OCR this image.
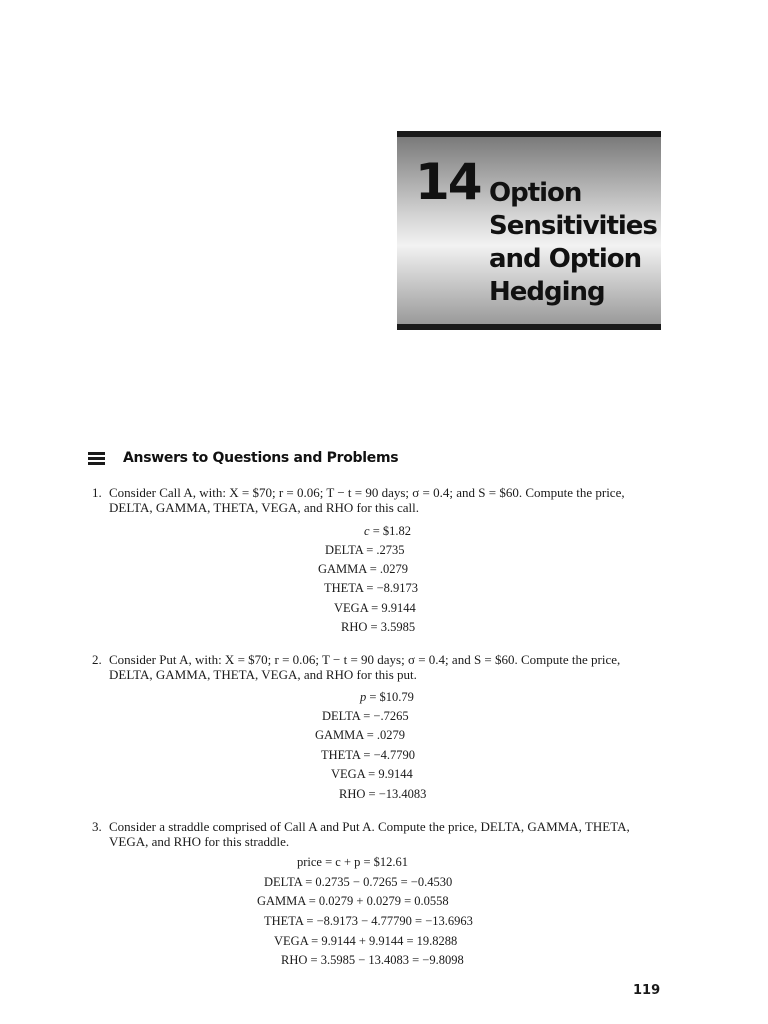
14 Option
Sensitivities
and Option
Hedging
Answers to Questions and Problems
1. Consider Call A, with: X = $70; r = 0.06; T − t = 90 days; σ = 0.4; and S = $60. Compute the price,
DELTA, GAMMA, THETA, VEGA, and RHO for this call.
c = $1.82
DELTA = .2735
GAMMA = .0279
THETA = −8.9173
VEGA = 9.9144
RHO = 3.5985
2. Consider Put A, with: X = $70; r = 0.06; T − t = 90 days; σ = 0.4; and S = $60. Compute the price,
DELTA, GAMMA, THETA, VEGA, and RHO for this put.
p = $10.79
DELTA = −.7265
GAMMA = .0279
THETA = −4.7790
VEGA = 9.9144
RHO = −13.4083
3. Consider a straddle comprised of Call A and Put A. Compute the price, DELTA, GAMMA, THETA,
VEGA, and RHO for this straddle.
price = c + p = $12.61
DELTA = 0.2735 − 0.7265 = −0.4530
GAMMA = 0.0279 + 0.0279 = 0.0558
THETA = −8.9173 − 4.77790 = −13.6963
VEGA = 9.9144 + 9.9144 = 19.8288
RHO = 3.5985 − 13.4083 = −9.8098
119
